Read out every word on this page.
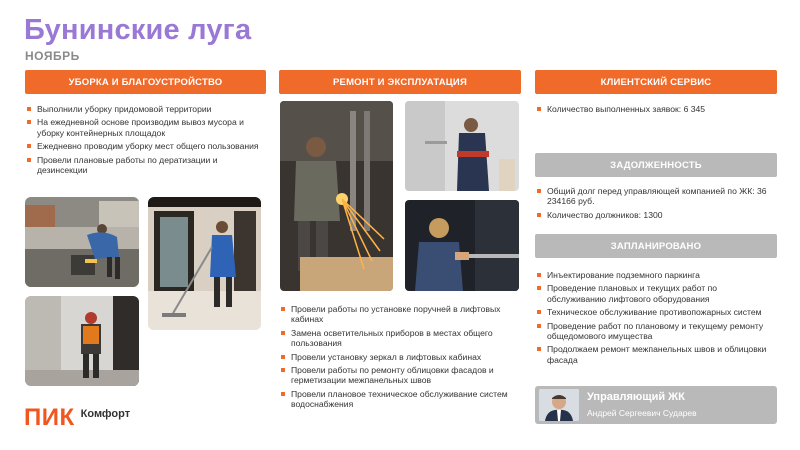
Бунинские луга
НОЯБРЬ
УБОРКА И БЛАГОУСТРОЙСТВО
Выполнили уборку придомовой территории
На ежедневной основе производим вывоз мусора и уборку контейнерных площадок
Ежедневно проводим уборку мест общего пользования
Провели плановые работы по дератизации и дезинсекции
РЕМОНТ И ЭКСПЛУАТАЦИЯ
Провели работы по установке поручней в лифтовых кабинах
Замена осветительных приборов в местах общего пользования
Провели установку зеркал в лифтовых кабинах
Провели работы по ремонту облицовки фасадов и герметизации межпанельных швов
Провели плановое техническое обслуживание систем водоснабжения
КЛИЕНТСКИЙ СЕРВИС
Количество выполненных заявок: 6 345
ЗАДОЛЖЕННОСТЬ
Общий долг перед управляющей компанией по ЖК: 36 234166 руб.
Количество должников: 1300
ЗАПЛАНИРОВАНО
Инъектирование подземного паркинга
Проведение плановых и текущих работ по обслуживанию лифтового оборудования
Техническое обслуживание противопожарных систем
Проведение работ по плановому и текущему ремонту общедомового имущества
Продолжаем ремонт межпанельных швов и облицовки фасада
Управляющий ЖК
Андрей Сергеевич Сударев
ПИК Комфорт
